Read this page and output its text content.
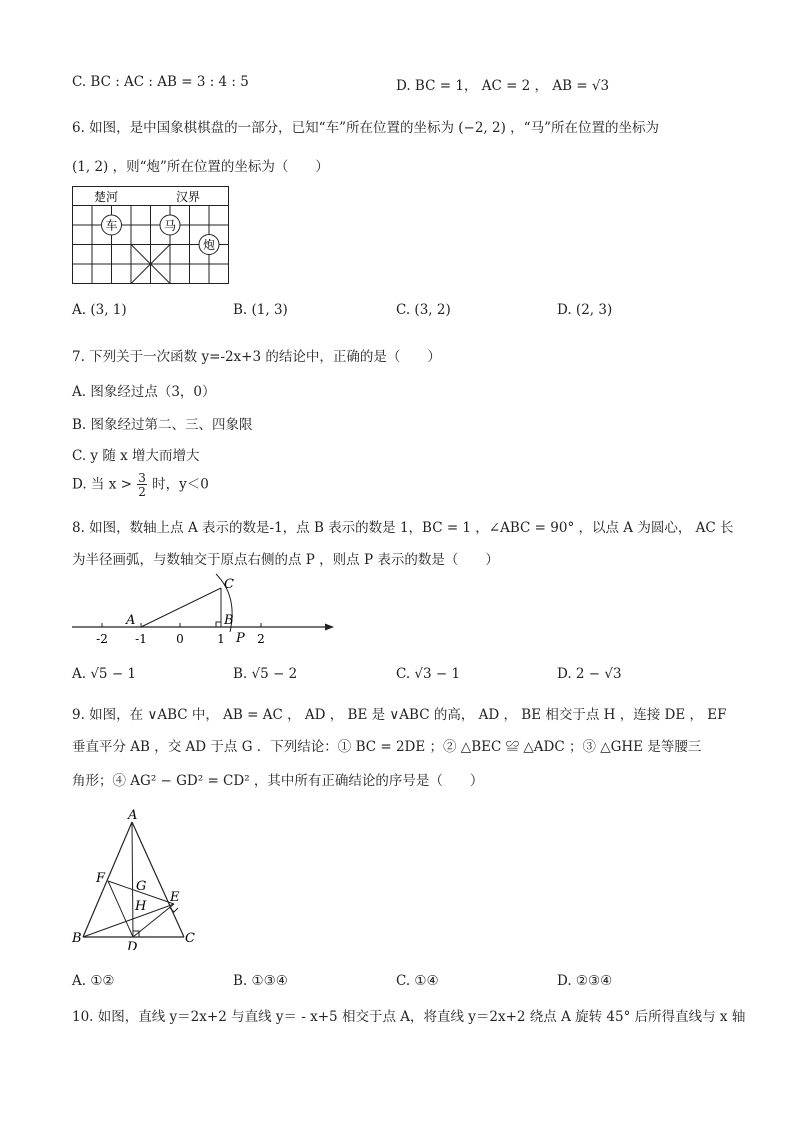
C. BC : AC : AB = 3 : 4 : 5	D. BC = 1， AC = 2 ， AB = √3
6. 如图，是中国象棋棋盘的一部分，已知“车”所在位置的坐标为 (−2, 2) ，“马”所在位置的坐标为
(1, 2) ，则“炮”所在位置的坐标为（　　）
楚河	汉界
车	马
炮
A. (3, 1)	B. (1, 3)	C. (3, 2)	D. (2, 3)
7. 下列关于一次函数 y=-2x+3 的结论中，正确的是（　　）
A. 图象经过点（3，0）
B. 图象经过第二、三、四象限
C. y 随 x 增大而增大
D. 当 $x > \frac{3}{2}$ 时，y＜0
8. 如图，数轴上点 A 表示的数是-1，点 B 表示的数是 1，BC = 1 ，∠ABC = 90° ，以点 A 为圆心， AC 长
为半径画弧，与数轴交于原点右侧的点 P ，则点 P 表示的数是（　　）
-2 -1 0	1	2
A	B
C
P
A. √5 − 1	B. √5 − 2	C. √3 − 1	D. 2 − √3
9. 如图，在 ∨ABC 中， AB = AC ， AD ， BE 是 ∨ABC 的高， AD ， BE 相交于点 H ，连接 DE ， EF
垂直平分 AB ，交 AD 于点 G ．下列结论：① BC = 2DE ；② △BEC ≌ △ADC ；③ △GHE 是等腰三
角形；④ AG² − GD² = CD² ，其中所有正确结论的序号是（　　）
A
B	C
D
E
F
G
H
A. ①②	B. ①③④	C. ①④	D. ②③④
10. 如图，直线 y＝2x+2 与直线 y＝ - x+5 相交于点 A，将直线 y＝2x+2 绕点 A 旋转 45° 后所得直线与 x 轴
